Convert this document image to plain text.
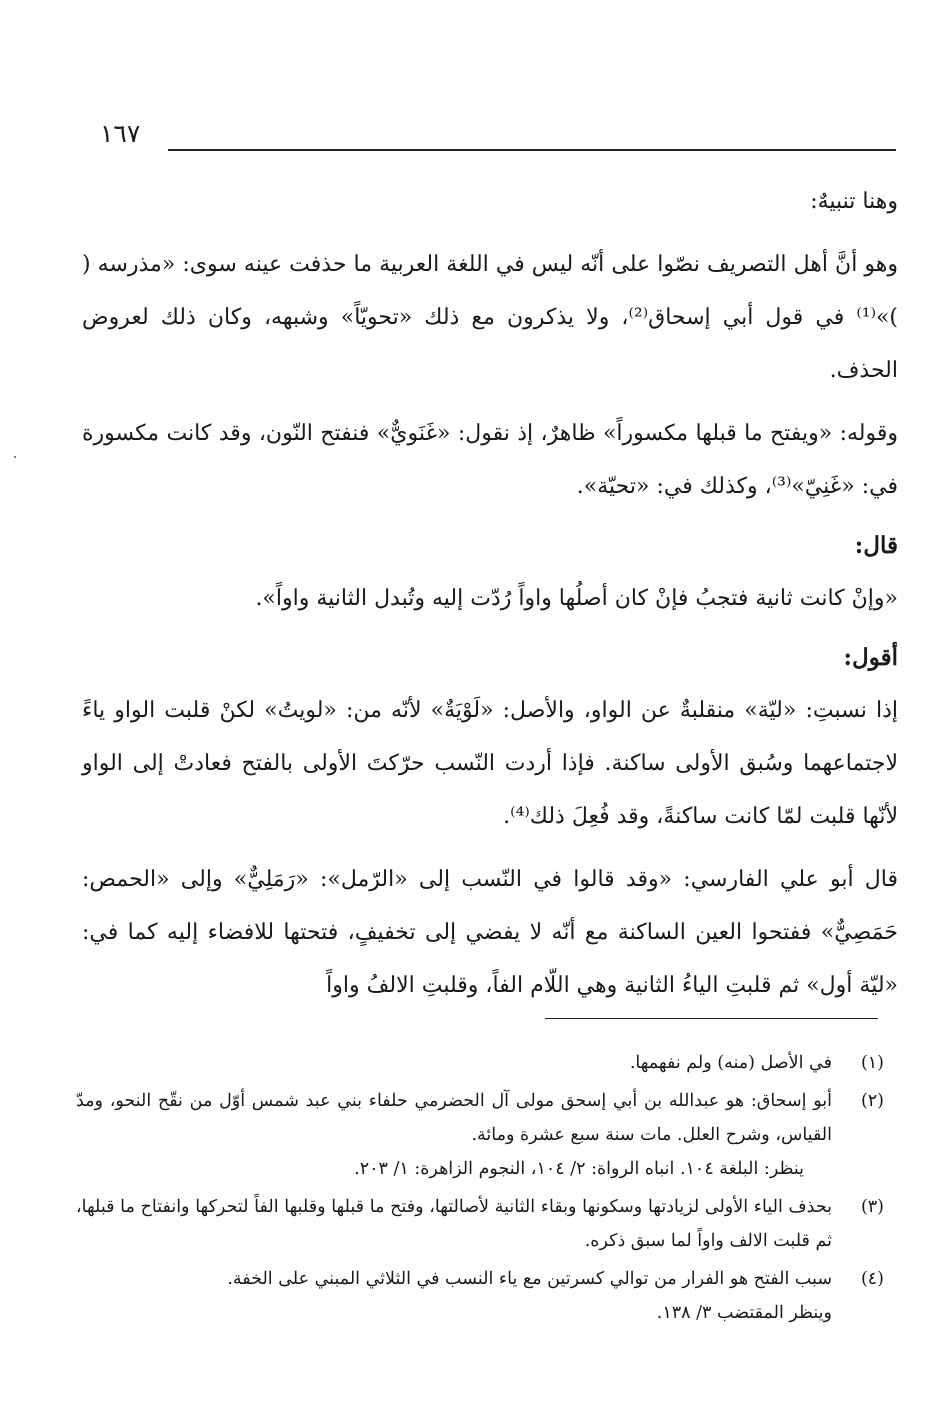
١٦٧

وهنا تنبيهٌ:

وهو أنَّ أهل التصريف نصّوا على أنّه ليس في اللغة العربية ما حذفت عينه سوى: «مذرسه ( )»⁽¹⁾ في قول أبي إسحاق⁽²⁾، ولا يذكرون مع ذلك «تحويّاً» وشبهه، وكان ذلك لعروض الحذف.

وقوله: «ويفتح ما قبلها مكسوراً» ظاهرٌ، إذ نقول: «غَنَويٌّ» فنفتح النّون، وقد كانت مكسورة في: «غَنِيّ»⁽³⁾، وكذلك في: «تحيّة».

قال:

«وإنْ كانت ثانية فتجبُ فإنْ كان أصلُها واواً رُدّت إليه وتُبدل الثانية واواً».

أقول:

إذا نسبتِ: «ليّة» منقلبةٌ عن الواو، والأصل: «لَوْيَةٌ» لأنّه من: «لويتُ» لكنْ قلبت الواو ياءً لاجتماعهما وسُبق الأولى ساكنة. فإذا أردت النّسب حرّكتَ الأولى بالفتح فعادتْ إلى الواو لأنّها قلبت لمّا كانت ساكنةً، وقد فُعِلَ ذلك⁽⁴⁾.

قال أبو علي الفارسي: «وقد قالوا في النّسب إلى «الرّمل»: «رَمَلِيٌّ» وإلى «الحمص: حَمَصِيٌّ» ففتحوا العين الساكنة مع أنّه لا يفضي إلى تخفيفٍ، فتحتها للافضاء إليه كما في: «ليّة أول» ثم قلبتِ الياءُ الثانية وهي اللّام الفاً، وقلبتِ الالفُ واواً

(١)
في الأصل (منه) ولم نفهمها.
(٢)
أبو إسحاق: هو عبدالله بن أبي إسحق مولى آل الحضرمي حلفاء بني عبد شمس أوّل من نقّح النحو، ومدّ القياس، وشرح العلل. مات سنة سبع عشرة ومائة.
ينظر: البلغة ١٠٤. انباه الرواة: ٢/ ١٠٤، النجوم الزاهرة: ١/ ٢٠٣.
(٣)
بحذف الياء الأولى لزيادتها وسكونها وبقاء الثانية لأصالتها، وفتح ما قبلها وقلبها الفاً لتحركها وانفتاح ما قبلها، ثم قلبت الالف واواً لما سبق ذكره.
(٤)
سبب الفتح هو الفرار من توالي كسرتين مع ياء النسب في الثلاثي المبني على الخفة.
وينظر المقتضب ٣/ ١٣٨.
